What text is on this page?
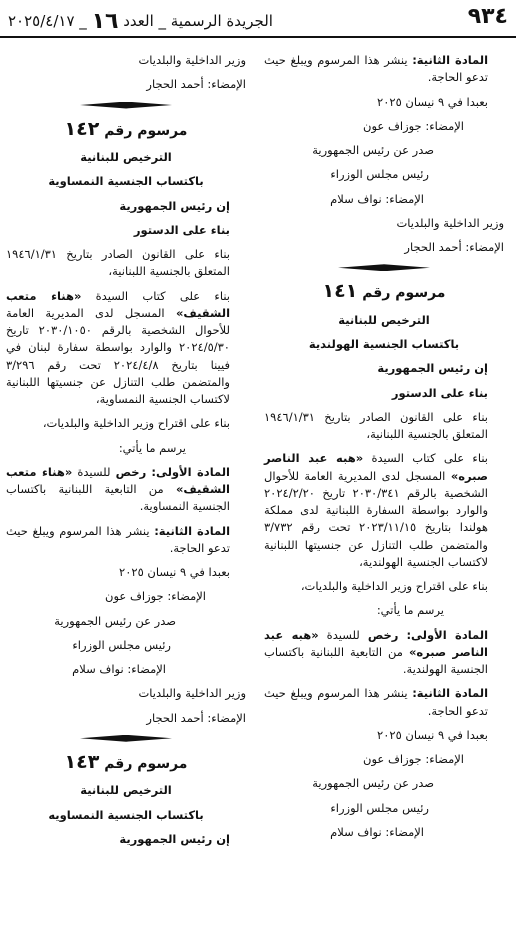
٩٣٤
الجريدة الرسمية _ العدد ١٦ _ ٢٠٢٥/٤/١٧

المادة الثانية: ينشر هذا المرسوم ويبلغ حيث تدعو الحاجة.

بعبدا في ٩ نيسان ٢٠٢٥

الإمضاء: جوزاف عون

صدر عن رئيس الجمهورية

رئيس مجلس الوزراء

الإمضاء: نواف سلام

وزير الداخلية والبلديات

الإمضاء: أحمد الحجار

مرسوم رقم ١٤١

الترخيص للبنانية

باكتساب الجنسية الهولندية

إن رئيس الجمهورية

بناء على الدستور

بناء على القانون الصادر بتاريخ ١٩٤٦/١/٣١ المتعلق بالجنسية اللبنانية،

بناء على كتاب السيدة «هبه عبد الناصر صبره» المسجل لدى المديرية العامة للأحوال الشخصية بالرقم ٢٠٣٠/٣٤١ تاريخ ٢٠٢٤/٢/٢٠ والوارد بواسطة السفارة اللبنانية لدى مملكة هولندا بتاريخ ٢٠٢٣/١١/١٥ تحت رقم ٣/٧٣٢ والمتضمن طلب التنازل عن جنسيتها اللبنانية لاكتساب الجنسية الهولندية،

بناء على اقتراح وزير الداخلية والبلديات،

يرسم ما يأتي:

المادة الأولى: رخص للسيدة «هبه عبد الناصر صبره» من التابعية اللبنانية باكتساب الجنسية الهولندية.

المادة الثانية: ينشر هذا المرسوم ويبلغ حيث تدعو الحاجة.

بعبدا في ٩ نيسان ٢٠٢٥

الإمضاء: جوزاف عون

صدر عن رئيس الجمهورية

رئيس مجلس الوزراء

الإمضاء: نواف سلام

وزير الداخلية والبلديات

الإمضاء: أحمد الحجار

مرسوم رقم ١٤٢

الترخيص للبنانية

باكتساب الجنسية النمساوية

إن رئيس الجمهورية

بناء على الدستور

بناء على القانون الصادر بتاريخ ١٩٤٦/١/٣١ المتعلق بالجنسية اللبنانية،

بناء على كتاب السيدة «هناء متعب الشقيف» المسجل لدى المديرية العامة للأحوال الشخصية بالرقم ٢٠٣٠/١٠٥٠ تاريخ ٢٠٢٤/٥/٣٠ والوارد بواسطة سفارة لبنان في فيينا بتاريخ ٢٠٢٤/٤/٨ تحت رقم ٣/٢٩٦ والمتضمن طلب التنازل عن جنسيتها اللبنانية لاكتساب الجنسية النمساوية،

بناء على اقتراح وزير الداخلية والبلديات،

يرسم ما يأتي:

المادة الأولى: رخص للسيدة «هناء متعب الشقيف» من التابعية اللبنانية باكتساب الجنسية النمساوية.

المادة الثانية: ينشر هذا المرسوم ويبلغ حيث تدعو الحاجة.

بعبدا في ٩ نيسان ٢٠٢٥

الإمضاء: جوزاف عون

صدر عن رئيس الجمهورية

رئيس مجلس الوزراء

الإمضاء: نواف سلام

وزير الداخلية والبلديات

الإمضاء: أحمد الحجار

مرسوم رقم ١٤٣

الترخيص للبنانية

باكتساب الجنسية النمساويه

إن رئيس الجمهورية
